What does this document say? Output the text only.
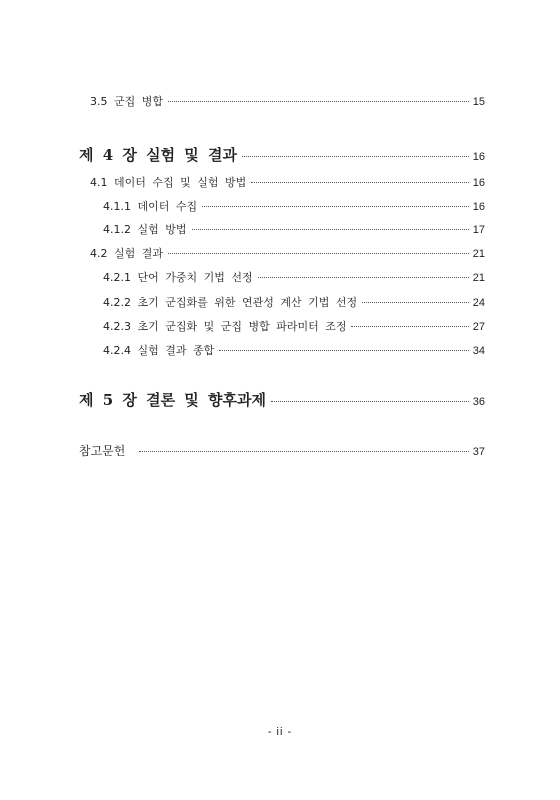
3.5 군집 병합	15
제 4 장 실험 및 결과	16
4.1 데이터 수집 및 실험 방법	16
4.1.1 데이터 수집	16
4.1.2 실험 방법	17
4.2 실험 결과	21
4.2.1 단어 가중치 기법 선정	21
4.2.2 초기 군집화를 위한 연관성 계산 기법 선정	24
4.2.3 초기 군집화 및 군집 병합 파라미터 조정	27
4.2.4 실험 결과 종합	34
제 5 장 결론 및 향후과제	36
참고문헌	37
- ii -
